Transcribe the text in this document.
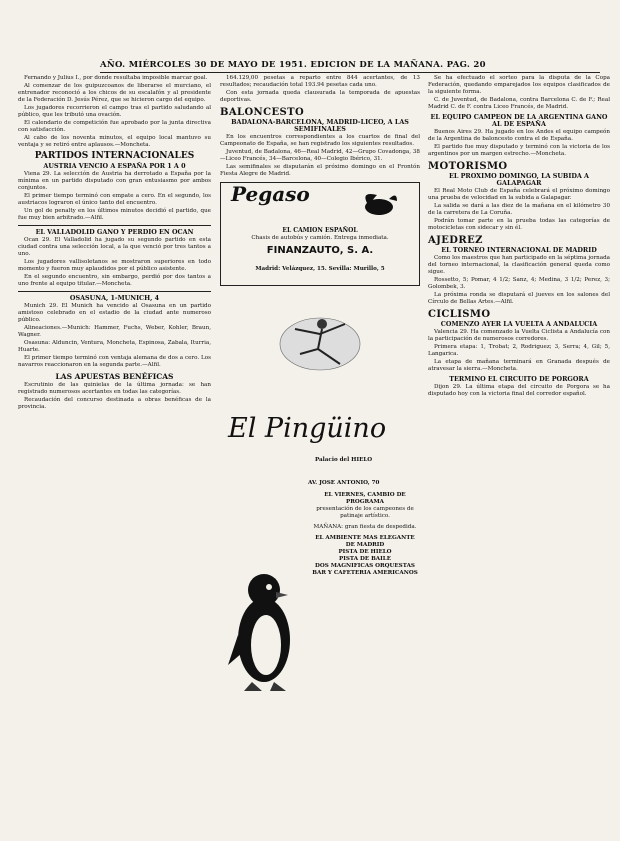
AÑO. MIÉRCOLES 30 DE MAYO DE 1951. EDICION DE LA MAÑANA. PAG. 20

Fernando y Julius I., por donde resultaba imposible marcar goal.

Al comenzar de los guipuzcoanos de liberarse el murciano, el entrenador reconoció a los chicos de su escalafón y al presidente de la Federación D. Jesús Pérez, que se hicieron cargo del equipo.

Los jugadores recorrieron el campo tras el partido saludando al público, que les tributó una ovación.

El calendario de competición fue aprobado por la junta directiva con satisfacción.

Al cabo de los noventa minutos, el equipo local mantuvo su ventaja y se retiró entre aplausos.—Moncheta.

PARTIDOS INTERNACIONALES
AUSTRIA VENCIO A ESPAÑA POR 1 A 0

Viena 29. La selección de Austria ha derrotado a España por la mínima en un partido disputado con gran entusiasmo por ambos conjuntos.

El primer tiempo terminó con empate a cero. En el segundo, los austriacos lograron el único tanto del encuentro.

Un gol de penalty en los últimos minutos decidió el partido, que fue muy bien arbitrado.—Alfil.

EL VALLADOLID GANO Y PERDIO EN OCAN

Ocan 29. El Valladolid ha jugado su segundo partido en esta ciudad contra una selección local, a la que venció por tres tantos a uno.

Los jugadores vallisoletanos se mostraron superiores en todo momento y fueron muy aplaudidos por el público asistente.

En el segundo encuentro, sin embargo, perdió por dos tantos a uno frente al equipo titular.—Moncheta.

OSASUNA, 1-MUNICH, 4

Munich 29. El Munich ha vencido al Osasuna en un partido amistoso celebrado en el estadio de la ciudad ante numeroso público.

Alineaciones.—Munich: Hammer, Fuchs, Weber, Kohler, Braun, Wagner.

Osasuna: Alduncin, Ventura, Moncheta, Espinosa, Zabala, Iturria, Huarte.

El primer tiempo terminó con ventaja alemana de dos a cero. Los navarros reaccionaron en la segunda parte.—Alfil.

LAS APUESTAS BENÉFICAS

Escrutinio de las quinielas de la última jornada: se han registrado numerosos acertantes en todas las categorías.

Recaudación del concurso destinada a obras benéficas de la provincia.

164.129,00 pesetas a reparto entre 844 acertantes, de 13 resultados; recaudación total 193.94 pesetas cada uno.

Con esta jornada queda clausurada la temporada de apuestas deportivas.

BALONCESTO
BADALONA-BARCELONA, MADRID-LICEO, A LAS SEMIFINALES

En los encuentros correspondientes a los cuartos de final del Campeonato de España, se han registrado los siguientes resultados.

Juventud, de Badalona, 46—Real Madrid, 42—Grupo Covadonga, 38—Liceo Francés, 34—Barcelona, 40—Colegio Ibérico, 31.

Las semifinales se disputarán el próximo domingo en el Frontón Fiesta Alegre de Madrid.

Pegaso
EL CAMION ESPAÑOL
Chasis de autobús y camión. Entrega inmediata.
FINANZAUTO, S. A.
Madrid: Velázquez, 15. Sevilla: Murillo, 5
El Pingüino
Palacio del HIELO
AV. JOSE ANTONIO, 70
EL VIERNES, CAMBIO DE PROGRAMA
presentación de los campeones de patinaje artístico.
MAÑANA: gran fiesta de despedida.
EL AMBIENTE MAS ELEGANTE DE MADRID
PISTA DE HIELO
PISTA DE BAILE
DOS MAGNIFICAS ORQUESTAS
BAR Y CAFETERIA AMERICANOS

Se ha efectuado el sorteo para la disputa de la Copa Federación, quedando emparejados los equipos clasificados de la siguiente forma.

C. de Juventud, de Badalona, contra Barcelona C. de F.; Real Madrid C. de F. contra Liceo Francés, de Madrid.

EL EQUIPO CAMPEON DE LA ARGENTINA GANO AL DE ESPAÑA

Buenos Aires 29. Ha jugado en los Andes el equipo campeón de la Argentina de baloncesto contra el de España.

El partido fue muy disputado y terminó con la victoria de los argentinos por un margen estrecho.—Moncheta.

MOTORISMO
EL PROXIMO DOMINGO, LA SUBIDA A GALAPAGAR

El Real Moto Club de España celebrará el próximo domingo una prueba de velocidad en la subida a Galapagar.

La salida se dará a las diez de la mañana en el kilómetro 30 de la carretera de La Coruña.

Podrán tomar parte en la prueba todas las categorías de motocicletas con sidecar y sin él.

AJEDREZ
EL TORNEO INTERNACIONAL DE MADRID

Como los maestros que han participado en la séptima jornada del torneo internacional, la clasificación general queda como sigue.

Rossetto, 5; Pomar, 4 1/2; Sanz, 4; Medina, 3 1/2; Perez, 3; Golombek, 3.

La próxima ronda se disputará el jueves en los salones del Círculo de Bellas Artes.—Alfil.

CICLISMO
COMENZO AYER LA VUELTA A ANDALUCIA

Valencia 29. Ha comenzado la Vuelta Ciclista a Andalucía con la participación de numerosos corredores.

Primera etapa: 1, Trobat; 2, Rodriguez; 3, Serra; 4, Gil; 5, Langarica.

La etapa de mañana terminará en Granada después de atravesar la sierra.—Moncheta.

TERMINO EL CIRCUITO DE PORGORA

Dijon 29. La última etapa del circuito de Porgora se ha disputado hoy con la victoria final del corredor español.
